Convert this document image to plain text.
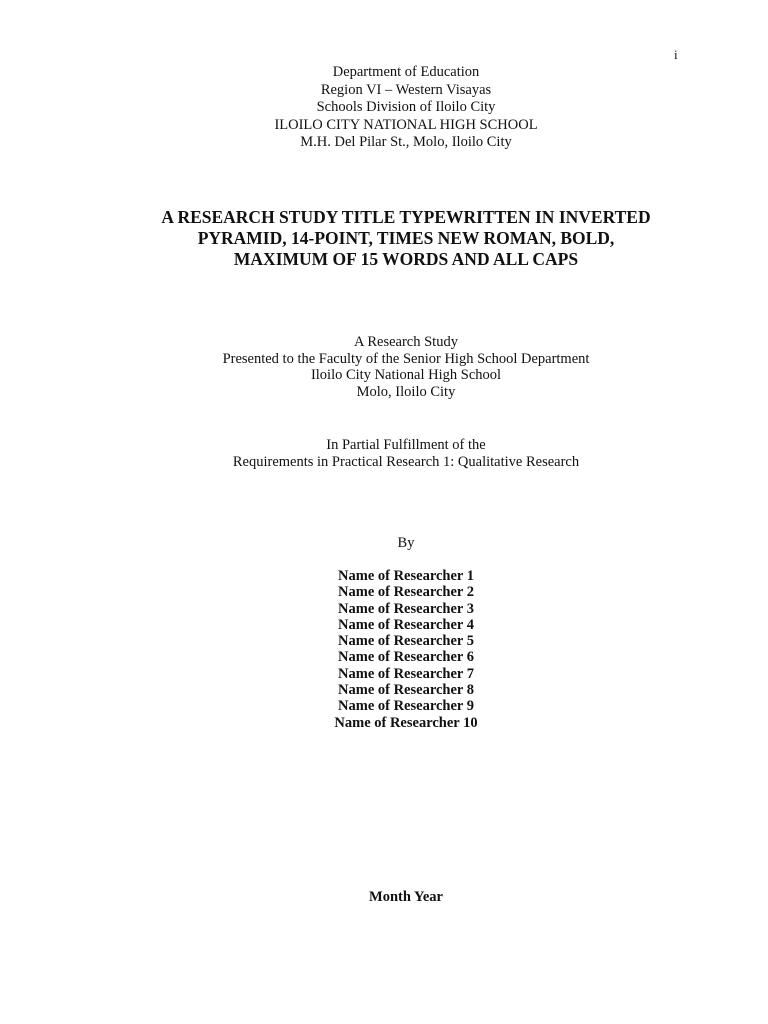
i
Department of Education
Region VI – Western Visayas
Schools Division of Iloilo City
ILOILO CITY NATIONAL HIGH SCHOOL
M.H. Del Pilar St., Molo, Iloilo City
A RESEARCH STUDY TITLE TYPEWRITTEN IN INVERTED
PYRAMID, 14-POINT, TIMES NEW ROMAN, BOLD,
MAXIMUM OF 15 WORDS AND ALL CAPS
A Research Study
Presented to the Faculty of the Senior High School Department
Iloilo City National High School
Molo, Iloilo City
In Partial Fulfillment of the
Requirements in Practical Research 1: Qualitative Research
By
Name of Researcher 1
Name of Researcher 2
Name of Researcher 3
Name of Researcher 4
Name of Researcher 5
Name of Researcher 6
Name of Researcher 7
Name of Researcher 8
Name of Researcher 9
Name of Researcher 10
Month Year
